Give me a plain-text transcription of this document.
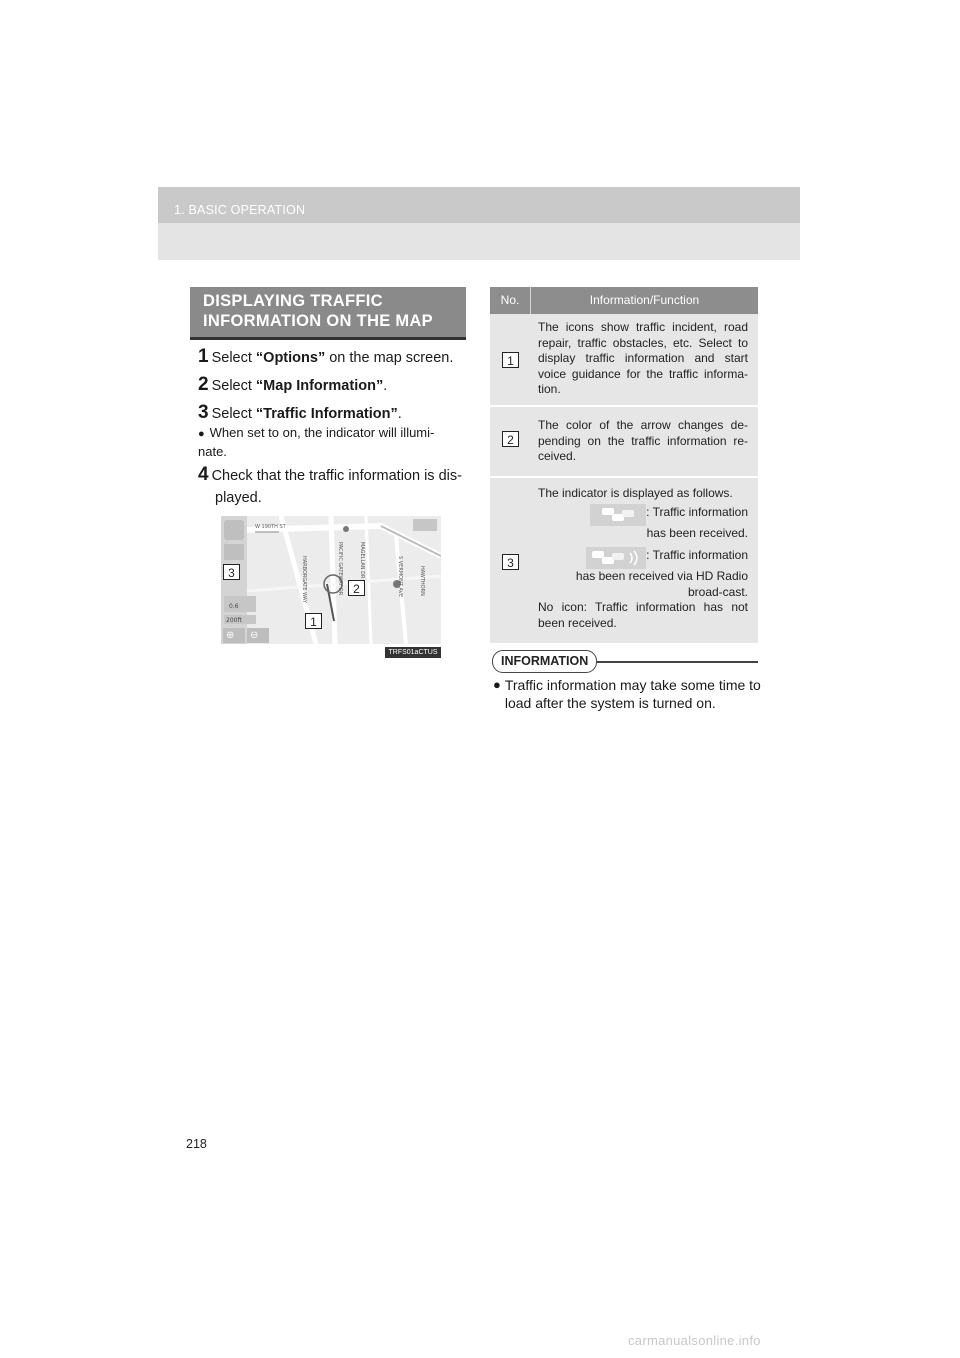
1. BASIC OPERATION
DISPLAYING TRAFFIC
INFORMATION ON THE MAP
1 Select “Options” on the map screen.
2 Select “Map Information”.
3 Select “Traffic Information”.
● When set to on, the indicator will illumi-
nate.
4 Check that the traffic information is dis-
played.
W 190TH ST
0.6
200ft
HARBORGATE WAY	PACIFIC GATEWAY DR	MAGELLAN DR	S VERMONT AVE	HAWTHORN
⊕ ⊖
3
2
1
TRFS01aCTUS
No.	Information/Function
1
The icons show traffic incident, road repair, traffic obstacles, etc. Select to display traffic information and start voice guidance for the traffic informa-tion.
2
The color of the arrow changes de-pending on the traffic information re-ceived.
3
The indicator is displayed as follows.
: Traffic information has been received.
: Traffic information has been received via HD Radio broad-cast.
No icon: Traffic information has not been received.
INFORMATION
● Traffic information may take some time to load after the system is turned on.
218
carmanualsonline.info
